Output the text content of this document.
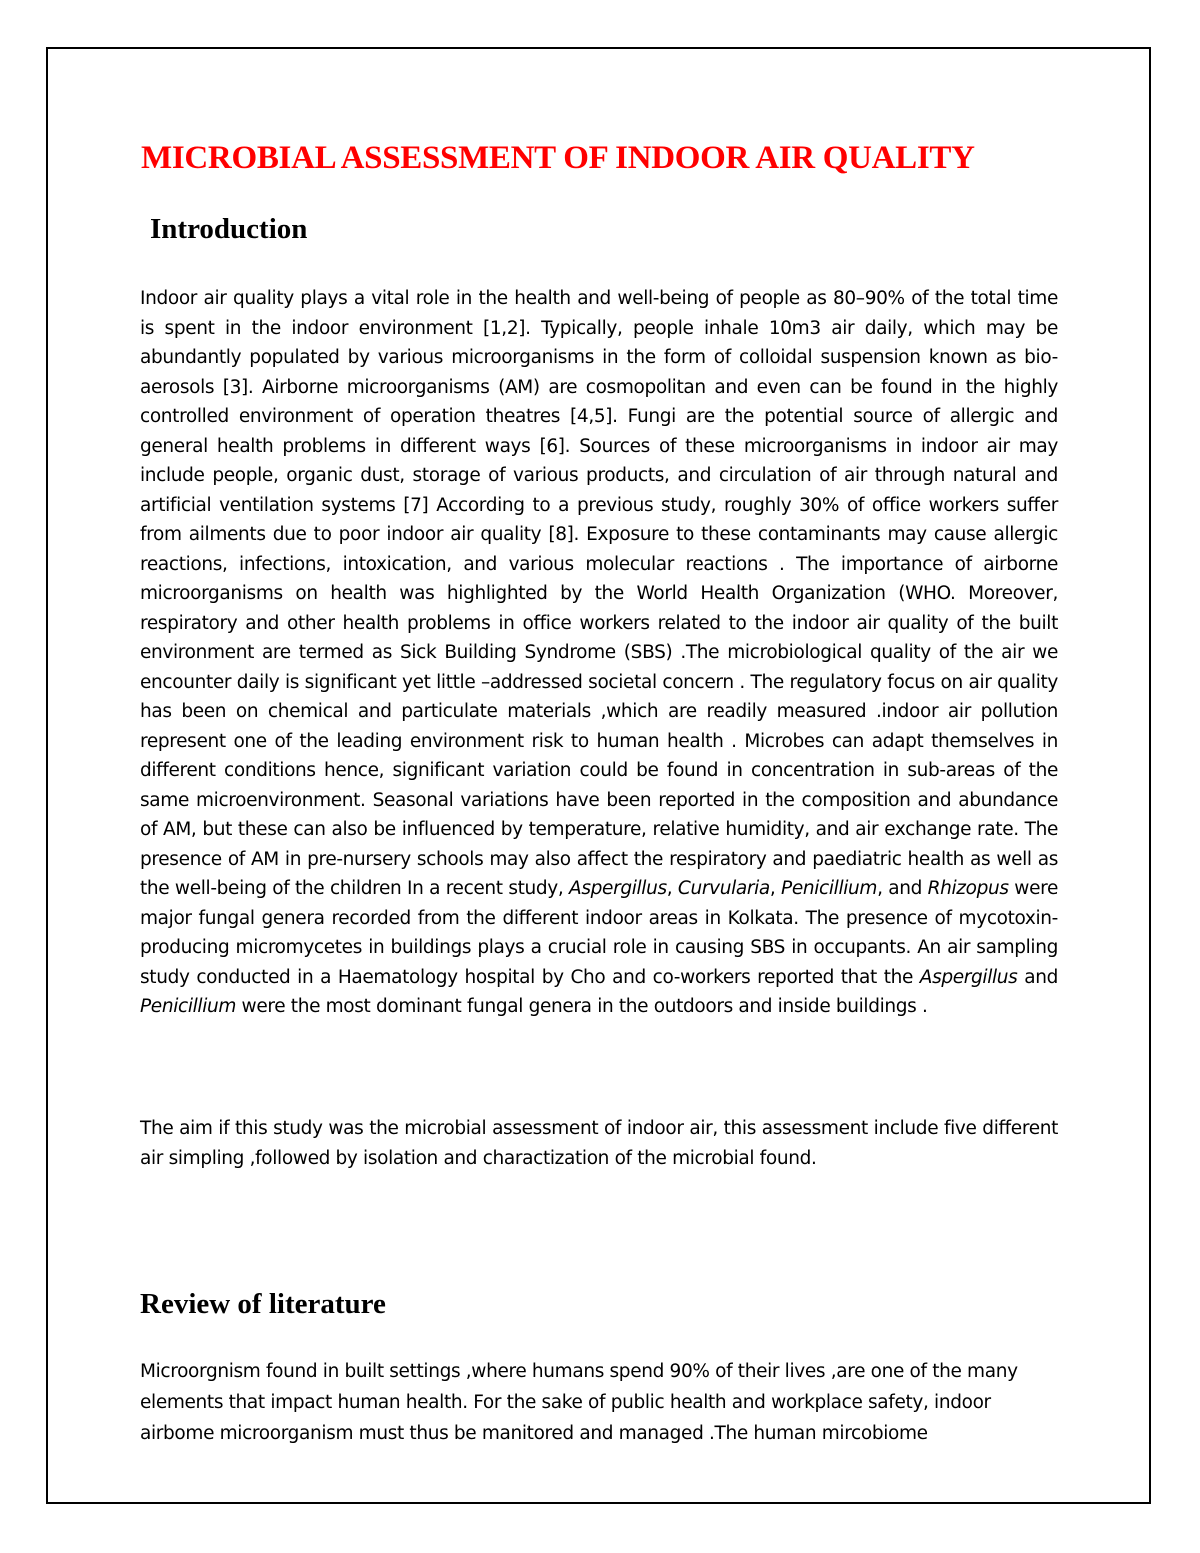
MICROBIAL ASSESSMENT OF INDOOR AIR QUALITY
Introduction

Indoor air quality plays a vital role in the health and well-being of people as 80–90% of the total time is spent in the indoor environment [1,2]. Typically, people inhale 10m3 air daily, which may be abundantly populated by various microorganisms in the form of colloidal suspension known as bio-aerosols [3]. Airborne microorganisms (AM) are cosmopolitan and even can be found in the highly controlled environment of operation theatres [4,5]. Fungi are the potential source of allergic and general health problems in different ways [6]. Sources of these microorganisms in indoor air may include people, organic dust, storage of various products, and circulation of air through natural and artificial ventilation systems [7] According to a previous study, roughly 30% of office workers suffer from ailments due to poor indoor air quality [8]. Exposure to these contaminants may cause allergic reactions, infections, intoxication, and various molecular reactions . The importance of airborne microorganisms on health was highlighted by the World Health Organization (WHO. Moreover, respiratory and other health problems in office workers related to the indoor air quality of the built environment are termed as Sick Building Syndrome (SBS) .The microbiological quality of the air we encounter daily is significant yet little –addressed societal concern . The regulatory focus on air quality has been on chemical and particulate materials ,which are readily measured .indoor air pollution represent one of the leading environment risk to human health . Microbes can adapt themselves in different conditions hence, significant variation could be found in concentration in sub-areas of the same microenvironment. Seasonal variations have been reported in the composition and abundance of AM, but these can also be influenced by temperature, relative humidity, and air exchange rate. The presence of AM in pre-nursery schools may also affect the respiratory and paediatric health as well as the well-being of the children In a recent study, Aspergillus, Curvularia, Penicillium, and Rhizopus were major fungal genera recorded from the different indoor areas in Kolkata. The presence of mycotoxin-producing micromycetes in buildings plays a crucial role in causing SBS in occupants. An air sampling study conducted in a Haematology hospital by Cho and co-workers reported that the Aspergillus and Penicillium were the most dominant fungal genera in the outdoors and inside buildings .

The aim if this study was the microbial assessment of indoor air, this assessment include five different air simpling ,followed by isolation and charactization of the microbial found.

Review of literature

Microorgnism found in built settings ,where humans spend 90% of their lives ,are one of the many elements that impact human health. For the sake of public health and workplace safety, indoor airbome microorganism must thus be manitored and managed .The human mircobiome
